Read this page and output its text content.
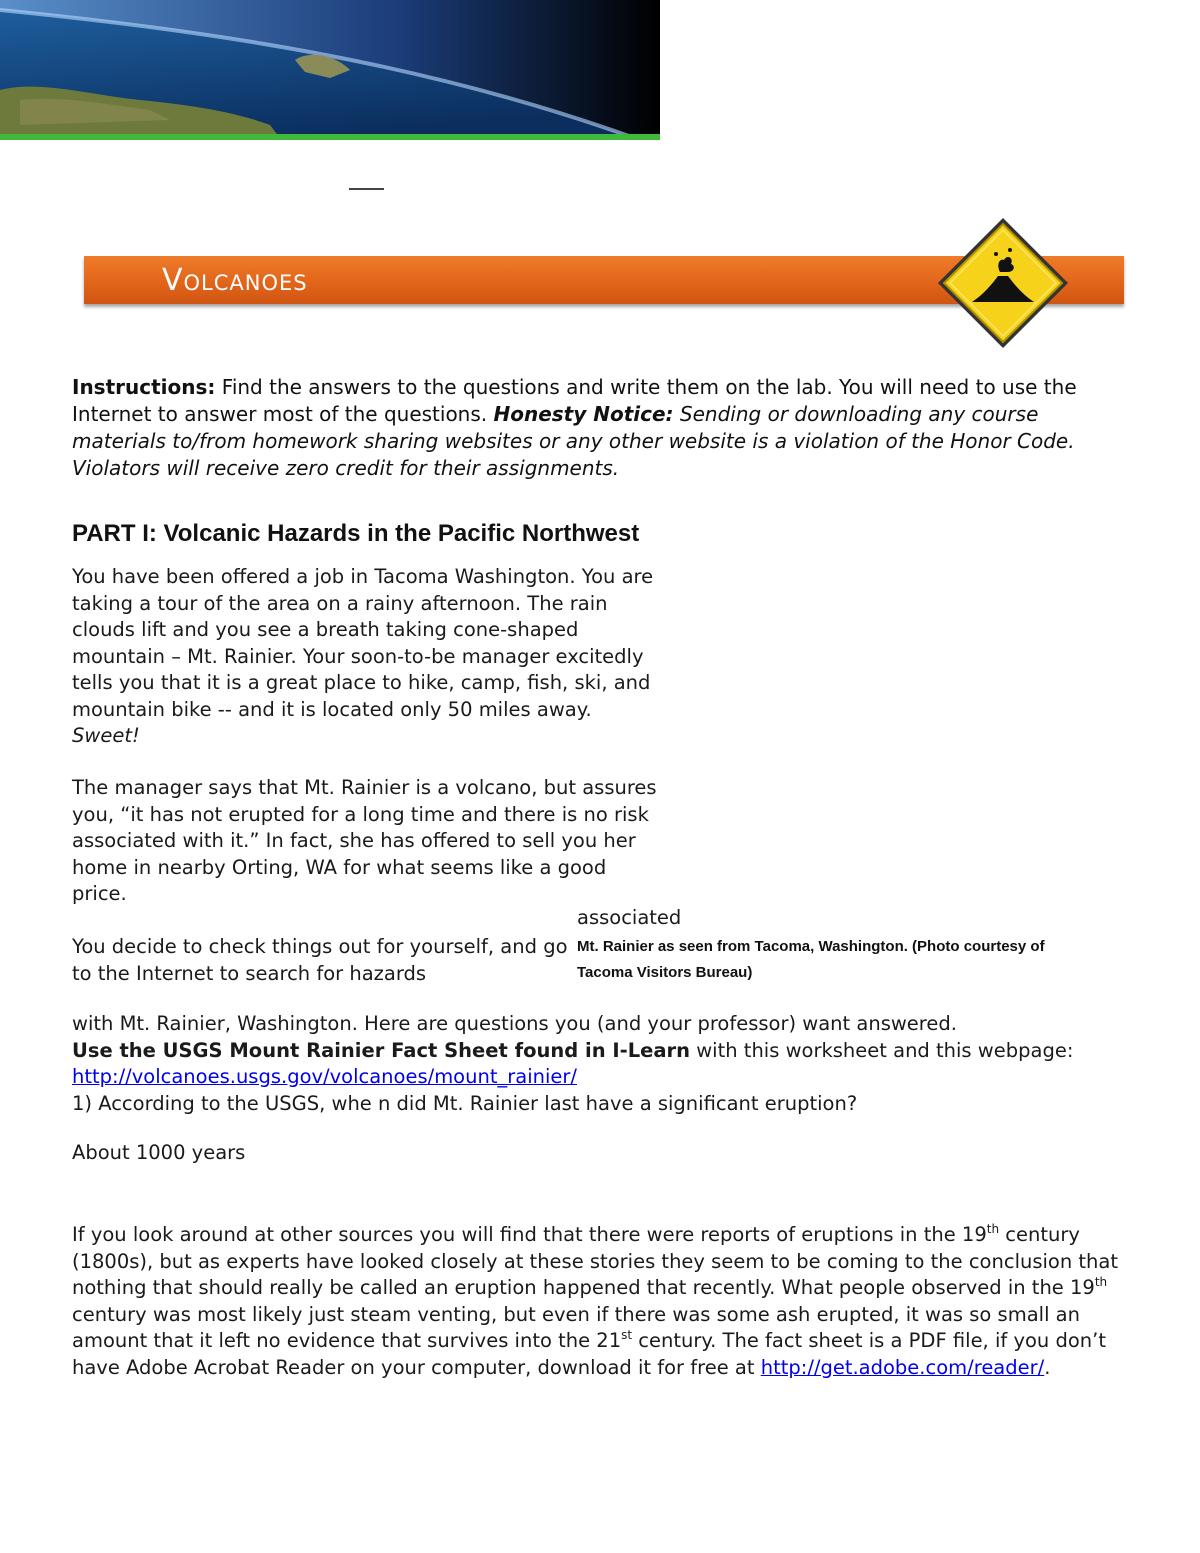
Volcanoes
Instructions: Find the answers to the questions and write them on the lab. You will need to use the Internet to answer most of the questions. Honesty Notice: Sending or downloading any course materials to/from homework sharing websites or any other website is a violation of the Honor Code. Violators will receive zero credit for their assignments.
PART I: Volcanic Hazards in the Pacific Northwest
You have been offered a job in Tacoma Washington. You are taking a tour of the area on a rainy afternoon. The rain clouds lift and you see a breath taking cone-shaped mountain – Mt. Rainier. Your soon-to-be manager excitedly tells you that it is a great place to hike, camp, fish, ski, and mountain bike -- and it is located only 50 miles away. Sweet!
The manager says that Mt. Rainier is a volcano, but assures you, “it has not erupted for a long time and there is no risk associated with it.” In fact, she has offered to sell you her home in nearby Orting, WA for what seems like a good price.
associated
You decide to check things out for yourself, and go to the Internet to search for hazards
Mt. Rainier as seen from Tacoma, Washington. (Photo courtesy of Tacoma Visitors Bureau)
with Mt. Rainier, Washington. Here are questions you (and your professor) want answered.
Use the USGS Mount Rainier Fact Sheet found in I-Learn with this worksheet and this webpage: http://volcanoes.usgs.gov/volcanoes/mount_rainier/
1) According to the USGS, whe n did Mt. Rainier last have a significant eruption?
About 1000 years
If you look around at other sources you will find that there were reports of eruptions in the 19th century (1800s), but as experts have looked closely at these stories they seem to be coming to the conclusion that nothing that should really be called an eruption happened that recently. What people observed in the 19th century was most likely just steam venting, but even if there was some ash erupted, it was so small an amount that it left no evidence that survives into the 21st century. The fact sheet is a PDF file, if you don’t have Adobe Acrobat Reader on your computer, download it for free at http://get.adobe.com/reader/.
